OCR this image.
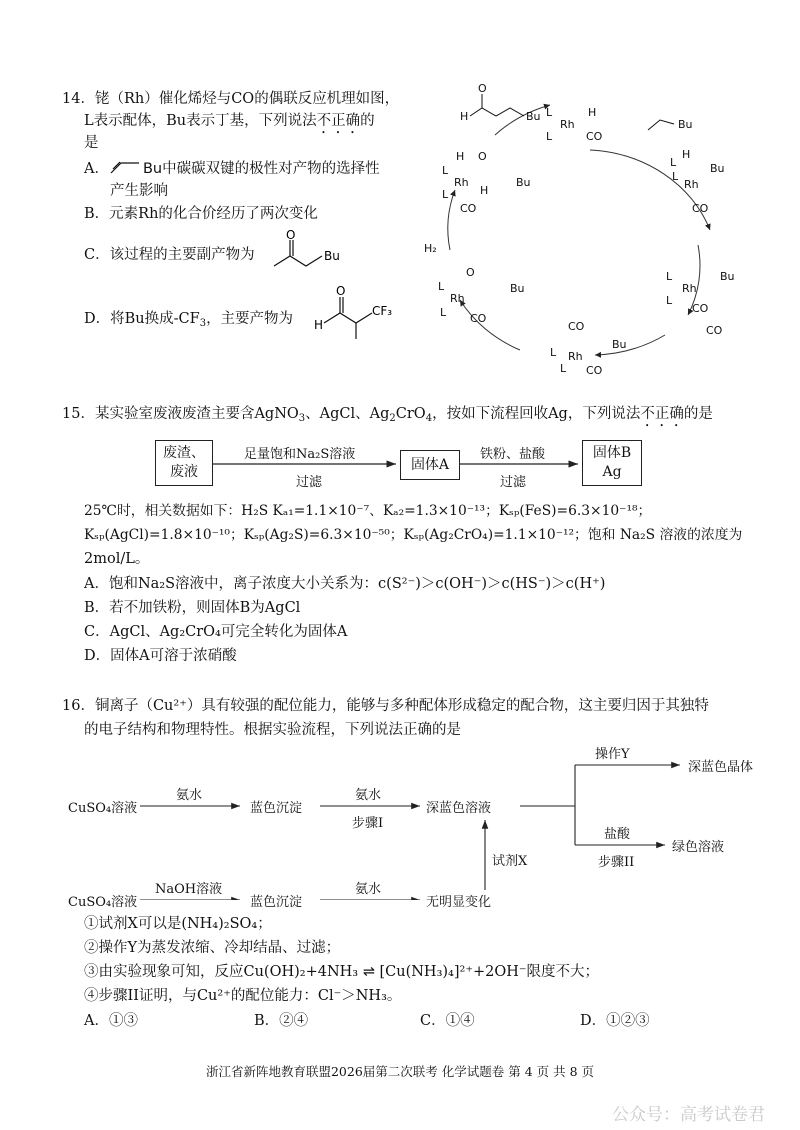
14．铑（Rh）催化烯烃与CO的偶联反应机理如图，
L表示配体，Bu表示丁基，下列说法不正确的
是
A． Bu中碳碳双键的极性对产物的选择性
产生影响
B．元素Rh的化合价经历了两次变化
C．该过程的主要副产物为
O
Bu
D．将Bu换成$-CF_3$，主要产物为 H
O
CF₃
H
O
Bu L
Rh
H
CO
L
Bu
L
H
Rh
L
Bu
CO
L
Rh
Bu
L
CO
CO
CO
L Rh
Bu
L CO
L
Rh
L CO
Bu
O
H₂
H
L
Rh
H
L
CO
O
Bu
15．某实验室废液废渣主要含AgNO$_3$、AgCl、$Ag_2CrO_4$，按如下流程回收Ag，下列说法不正确的是
废渣、
废液
足量饱和Na₂S溶液
过滤
固体A
铁粉、盐酸
过滤
固体B
Ag
25℃时，相关数据如下：H₂S Kₐ₁=1.1×10⁻⁷、Kₐ₂=1.3×10⁻¹³；Kₛₚ(FeS)=6.3×10⁻¹⁸；
Kₛₚ(AgCl)=1.8×10⁻¹⁰；Kₛₚ(Ag₂S)=6.3×10⁻⁵⁰；Kₛₚ(Ag₂CrO₄)=1.1×10⁻¹²；饱和 Na₂S 溶液的浓度为
2mol/L。
A．饱和Na₂S溶液中，离子浓度大小关系为：c(S²⁻)＞c(OH⁻)＞c(HS⁻)＞c(H⁺)
B．若不加铁粉，则固体B为AgCl
C．AgCl、Ag₂CrO₄可完全转化为固体A
D．固体A可溶于浓硝酸
16．铜离子（Cu²⁺）具有较强的配位能力，能够与多种配体形成稳定的配合物，这主要归因于其独特
的电子结构和物理特性。根据实验流程，下列说法正确的是
CuSO₄溶液
氨水
蓝色沉淀
氨水
步骤I
深蓝色溶液
操作Y
深蓝色晶体
盐酸
步骤II
绿色溶液
试剂X
CuSO₄溶液
NaOH溶液
蓝色沉淀
氨水
无明显变化
①试剂X可以是(NH₄)₂SO₄；
②操作Y为蒸发浓缩、冷却结晶、过滤；
③由实验现象可知，反应Cu(OH)₂+4NH₃ ⇌ [Cu(NH₃)₄]²⁺+2OH⁻限度不大；
④步骤II证明，与Cu²⁺的配位能力：Cl⁻＞NH₃。
A．①③	B．②④	C．①④	D．①②③
浙江省新阵地教育联盟2026届第二次联考 化学试题卷 第 4 页 共 8 页
公众号：高考试卷君
